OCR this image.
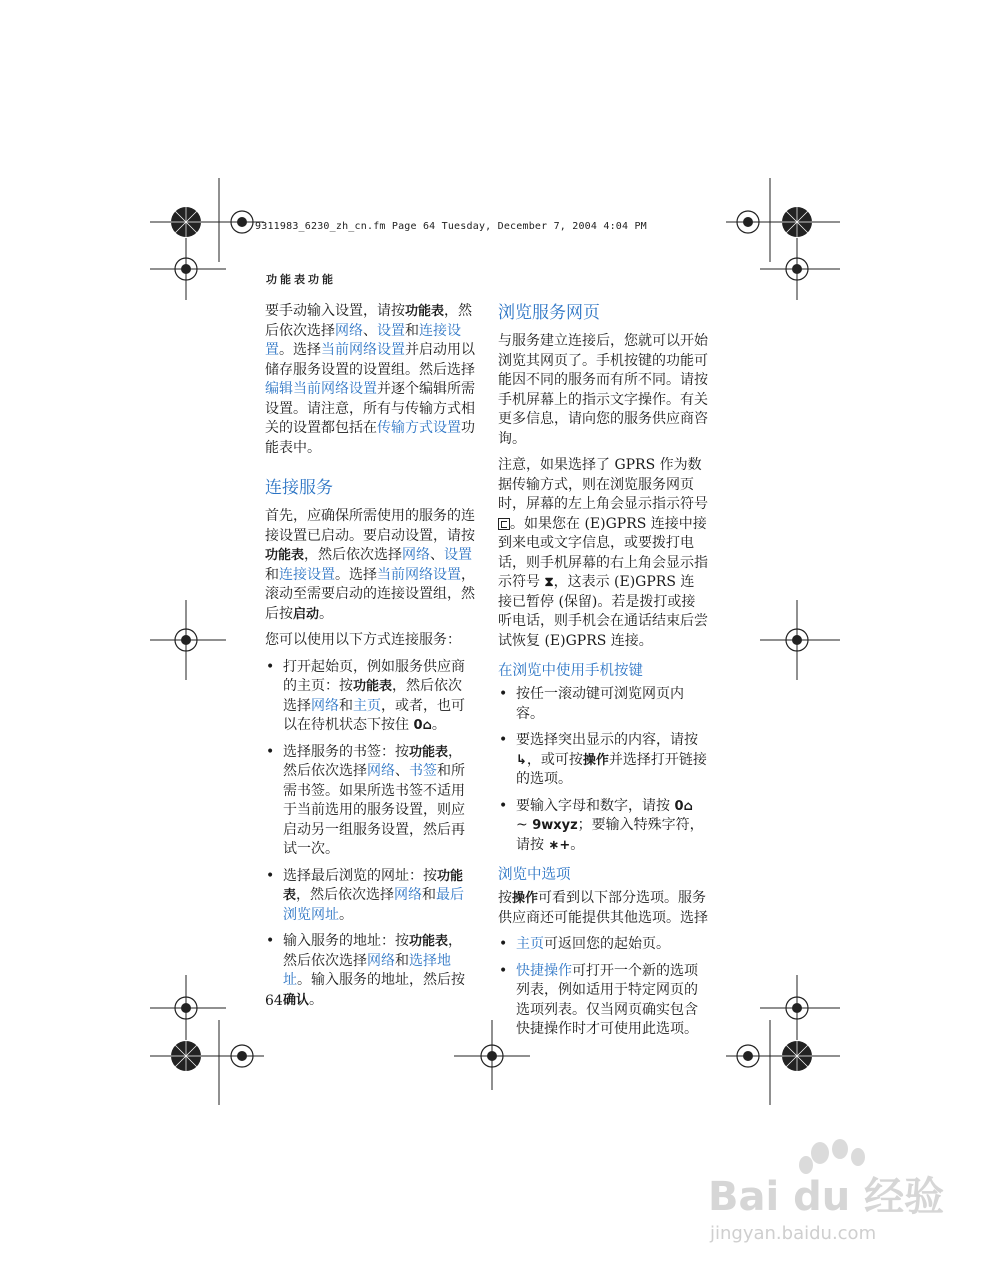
9311983_6230_zh_cn.fm Page 64 Tuesday, December 7, 2004 4:04 PM
功能表功能

要手动输入设置，请按功能表，然后依次选择网络、设置和连接设置。选择当前网络设置并启动用以储存服务设置的设置组。然后选择编辑当前网络设置并逐个编辑所需设置。请注意，所有与传输方式相关的设置都包括在传输方式设置功能表中。

连接服务

首先，应确保所需使用的服务的连接设置已启动。要启动设置，请按功能表，然后依次选择网络、设置和连接设置。选择当前网络设置，滚动至需要启动的连接设置组，然后按启动。

您可以使用以下方式连接服务：

• 打开起始页，例如服务供应商的主页：按功能表，然后依次选择网络和主页，或者，也可以在待机状态下按住 0⌂。
• 选择服务的书签：按功能表，然后依次选择网络、书签和所需书签。如果所选书签不适用于当前选用的服务设置，则应启动另一组服务设置，然后再试一次。
• 选择最后浏览的网址：按功能表，然后依次选择网络和最后浏览网址。
• 输入服务的地址：按功能表，然后依次选择网络和选择地址。输入服务的地址，然后按确认。
浏览服务网页

与服务建立连接后，您就可以开始浏览其网页了。手机按键的功能可能因不同的服务而有所不同。请按手机屏幕上的指示文字操作。有关更多信息，请向您的服务供应商咨询。

注意，如果选择了 GPRS 作为数据传输方式，则在浏览服务网页时，屏幕的左上角会显示指示符号 。如果您在 (E)GPRS 连接中接到来电或文字信息，或要拨打电话，则手机屏幕的右上角会显示指示符号 ⧗，这表示 (E)GPRS 连接已暂停 (保留)。若是拨打或接听电话，则手机会在通话结束后尝试恢复 (E)GPRS 连接。

在浏览中使用手机按键
• 按任一滚动键可浏览网页内容。
• 要选择突出显示的内容，请按 ↳，或可按操作并选择打开链接的选项。
• 要输入字母和数字，请按 0⌂ ~ 9wxyz；要输入特殊字符，请按 ∗+。
浏览中选项

按操作可看到以下部分选项。服务供应商还可能提供其他选项。选择

• 主页可返回您的起始页。
• 快捷操作可打开一个新的选项列表，例如适用于特定网页的选项列表。仅当网页确实包含快捷操作时才可使用此选项。
64
Bai du 经验
jingyan.baidu.com
